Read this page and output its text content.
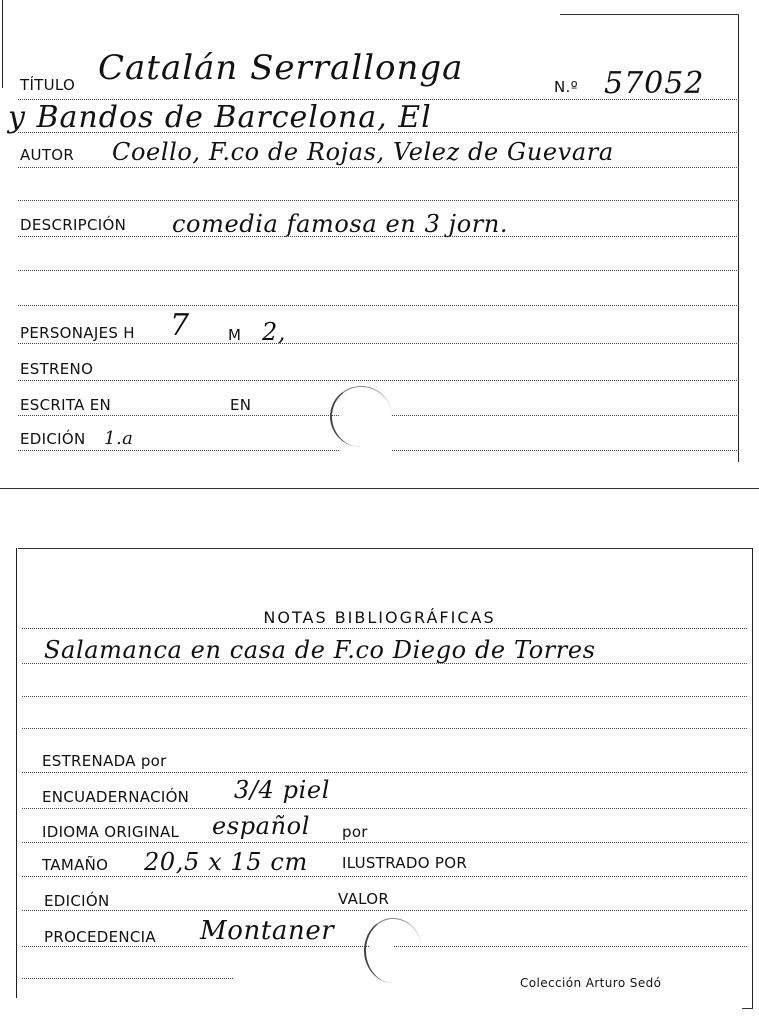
TÍTULO Catalán Serrallonga	N.º 57052
y Bandos de Barcelona, El
AUTOR Coello, F.co de Rojas, Velez de Guevara
DESCRIPCIÓN comedia famosa en 3 jorn.
PERSONAJES H 7	M 2,
ESTRENO
ESCRITA EN	EN
EDICIÓN 1.a
NOTAS BIBLIOGRÁFICAS
Salamanca en casa de F.co Diego de Torres
ESTRENADA por
ENCUADERNACIÓN 3/4 piel
IDIOMA ORIGINAL español por
TAMAÑO 20,5 x 15 cm ILUSTRADO POR
EDICIÓN	VALOR
PROCEDENCIA Montaner
Colección Arturo Sedó
